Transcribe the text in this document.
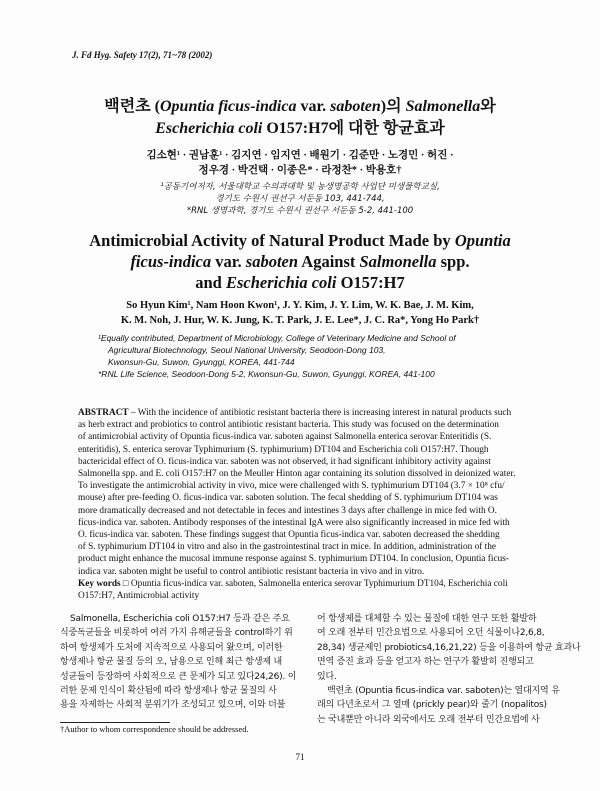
J. Fd Hyg. Safety 17(2), 71~78 (2002)
백련초 (Opuntia ficus-indica var. saboten)의 Salmonella와
Escherichia coli O157:H7에 대한 항균효과
김소현¹ · 권남훈¹ · 김지연 · 임지연 · 배원기 · 김준만 · 노경민 · 허진 ·
정우경 · 박건택 · 이종은* · 라정찬* · 박용호†
¹공동기여저자, 서울대학교 수의과대학 및 농생명공학 사업단 미생물학교실,
경기도 수원시 권선구 서둔동 103, 441-744,
*RNL 생명과학, 경기도 수원시 권선구 서둔동 5-2, 441-100
Antimicrobial Activity of Natural Product Made by Opuntia
ficus-indica var. saboten Against Salmonella spp.
and Escherichia coli O157:H7
So Hyun Kim¹, Nam Hoon Kwon¹, J. Y. Kim, J. Y. Lim, W. K. Bae, J. M. Kim,
K. M. Noh, J. Hur, W. K. Jung, K. T. Park, J. E. Lee*, J. C. Ra*, Yong Ho Park†
¹Equally contributed, Department of Microbiology, College of Veterinary Medicine and School of
Agricultural Biotechnology, Seoul National University, Seodoon-Dong 103,
Kwonsun-Gu, Suwon, Gyunggi, KOREA, 441-744
*RNL Life Science, Seodoon-Dong 5-2, Kwonsun-Gu, Suwon, Gyunggi, KOREA, 441-100
ABSTRACT – With the incidence of antibiotic resistant bacteria there is increasing interest in natural products such
as herb extract and probiotics to control antibiotic resistant bacteria. This study was focused on the determination
of antimicrobial activity of Opuntia ficus-indica var. saboten against Salmonella enterica serovar Enteritidis (S.
enteritidis), S. enterica serovar Typhimurium (S. typhimurium) DT104 and Escherichia coli O157:H7. Though
bactericidal effect of O. ficus-indica var. saboten was not observed, it had significant inhibitory activity against
Salmonella spp. and E. coli O157:H7 on the Meuller Hinton agar containing its solution dissolved in deionized water.
To investigate the antimicrobial activity in vivo, mice were challenged with S. typhimurium DT104 (3.7 × 10⁸ cfu/
mouse) after pre-feeding O. ficus-indica var. saboten solution. The fecal shedding of S. typhimurium DT104 was
more dramatically decreased and not detectable in feces and intestines 3 days after challenge in mice fed with O.
ficus-indica var. saboten. Antibody responses of the intestinal IgA were also significantly increased in mice fed with
O. ficus-indica var. saboten. These findings suggest that Opuntia ficus-indica var. saboten decreased the shedding
of S. typhimurium DT104 in vitro and also in the gastrointestinal tract in mice. In addition, administration of the
product might enhance the mucosal immune response against S. typhimurium DT104. In conclusion, Opuntia ficus-
indica var. saboten might be useful to control antibiotic resistant bacteria in vivo and in vitro.
Key words □ Opuntia ficus-indica var. saboten, Salmonella enterica serovar Typhimurium DT104, Escherichia coli
O157:H7, Antimicrobial activity
Salmonella, Escherichia coli O157:H7 등과 같은 주요
식중독균들을 비롯하여 여러 가지 유해균들을 control하기 위
하여 항생제가 도처에 지속적으로 사용되어 왔으며, 이러한
항생제나 항균 물질 등의 오, 남용으로 인해 최근 항생제 내
성균들이 등장하여 사회적으로 큰 문제가 되고 있다24,26). 이
러한 문제 인식이 확산됨에 따라 항생제나 항균 물질의 사
용을 자제하는 사회적 분위기가 조성되고 있으며, 이와 더불
어 항생제를 대체할 수 있는 물질에 대한 연구 또한 활발하
여 오래 전부터 민간요법으로 사용되어 오던 식물이나2,6,8,
28,34) 생균제인 probiotics4,16,21,22) 등을 이용하여 항균 효과나
면역 증진 효과 등을 얻고자 하는 연구가 활발히 진행되고
있다.
백련초 (Opuntia ficus-indica var. saboten)는 열대지역 유
래의 다년초로서 그 열매 (prickly pear)와 줄기 (nopalitos)
는 국내뿐만 아니라 외국에서도 오래 전부터 민간요법에 사
†Author to whom correspondence should be addressed.
71
